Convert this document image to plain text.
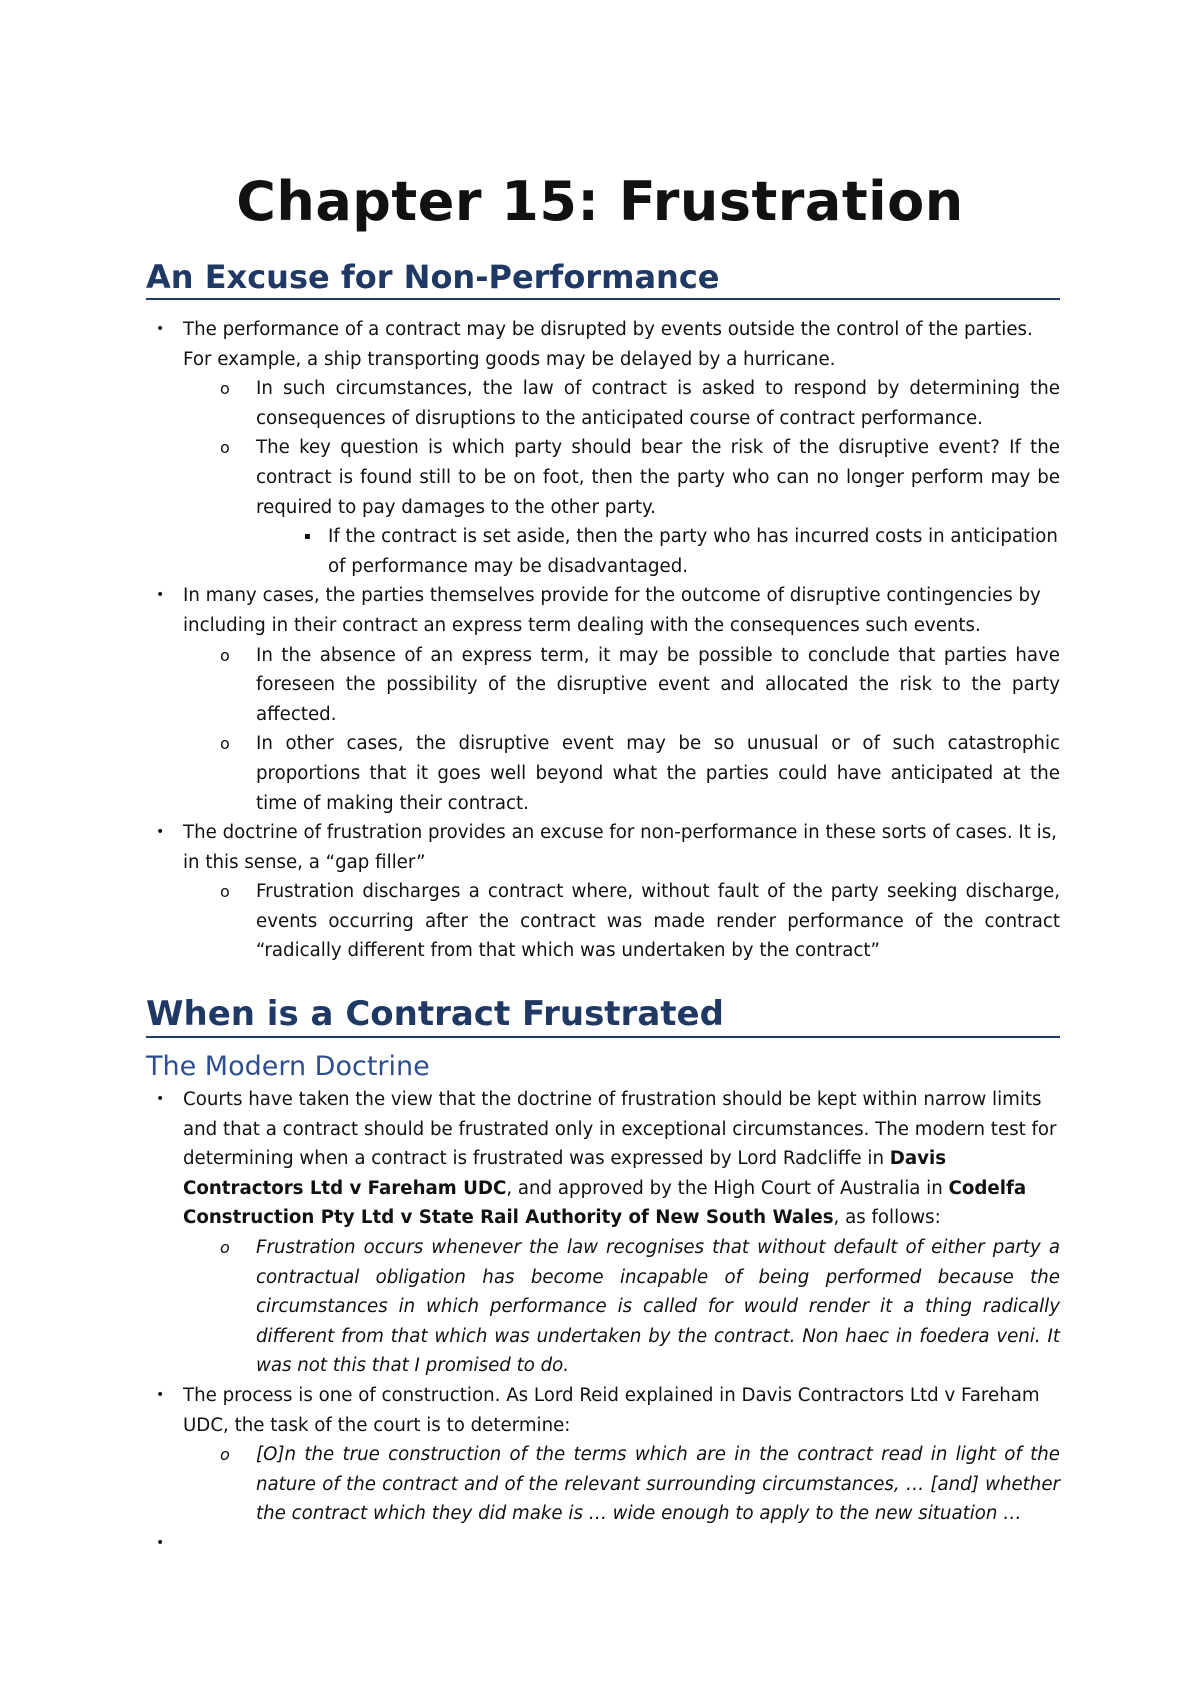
Chapter 15: Frustration
An Excuse for Non-Performance
• The performance of a contract may be disrupted by events outside the control of the parties. For example, a ship transporting goods may be delayed by a hurricane.
o In such circumstances, the law of contract is asked to respond by determining the consequences of disruptions to the anticipated course of contract performance.
o The key question is which party should bear the risk of the disruptive event? If the contract is found still to be on foot, then the party who can no longer perform may be required to pay damages to the other party.
▪ If the contract is set aside, then the party who has incurred costs in anticipation of performance may be disadvantaged.
• In many cases, the parties themselves provide for the outcome of disruptive contingencies by including in their contract an express term dealing with the consequences such events.
o In the absence of an express term, it may be possible to conclude that parties have foreseen the possibility of the disruptive event and allocated the risk to the party affected.
o In other cases, the disruptive event may be so unusual or of such catastrophic proportions that it goes well beyond what the parties could have anticipated at the time of making their contract.
• The doctrine of frustration provides an excuse for non-performance in these sorts of cases. It is, in this sense, a “gap filler”
o Frustration discharges a contract where, without fault of the party seeking discharge, events occurring after the contract was made render performance of the contract “radically different from that which was undertaken by the contract”
When is a Contract Frustrated
The Modern Doctrine
• Courts have taken the view that the doctrine of frustration should be kept within narrow limits and that a contract should be frustrated only in exceptional circumstances. The modern test for determining when a contract is frustrated was expressed by Lord Radcliffe in Davis Contractors Ltd v Fareham UDC, and approved by the High Court of Australia in Codelfa Construction Pty Ltd v State Rail Authority of New South Wales, as follows:
o Frustration occurs whenever the law recognises that without default of either party a contractual obligation has become incapable of being performed because the circumstances in which performance is called for would render it a thing radically different from that which was undertaken by the contract. Non haec in foedera veni. It was not this that I promised to do.
• The process is one of construction. As Lord Reid explained in Davis Contractors Ltd v Fareham UDC, the task of the court is to determine:
o [O]n the true construction of the terms which are in the contract read in light of the nature of the contract and of the relevant surrounding circumstances, … [and] whether the contract which they did make is … wide enough to apply to the new situation …
•
